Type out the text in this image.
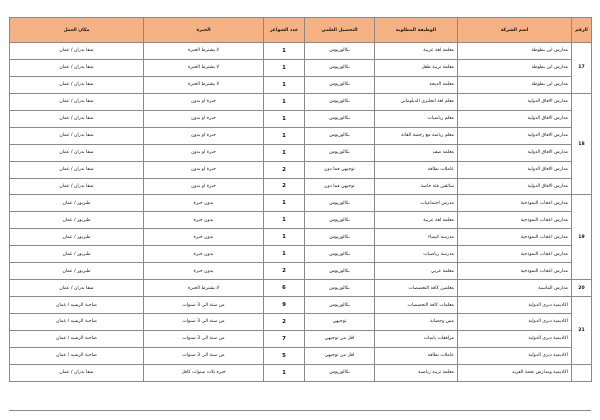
الرقم	اسم الشركة	الوظيفة المطلوبة	التحصيل العلمي	عدد الشواغر	الخبرة	مكان العمل
17	مدارس ابن بطوطة	معلمة لغة عربية	بكالوريوس	1	لا يشترط الخبرة	شفا بدران / عمان
	مدارس ابن بطوطة	معلمة تربية طفل	بكالوريوس	1	لا يشترط الخبرة	شفا بدران / عمان
	مدارس ابن بطوطة	معلمة الديجة	بكالوريوس	1	لا يشترط الخبرة	شفا بدران / عمان
18	مدارس الافاق الدولية	معلم لغة انجليزي الدبلوماتي	بكالوريوس	1	خبرة او بدون	شفا بدران / عمان
	مدارس الافاق الدولية	معلم رياضيات	بكالوريوس	1	خبرة او بدون	شفا بدران / عمان
	مدارس الافاق الدولية	معلم رياضة مع رخصة القانة	بكالوريوس	1	خبرة او بدون	شفا بدران / عمان
	مدارس الافاق الدولية	معلمة صف	بكالوريوس	1	خبرة او بدون	شفا بدران / عمان
	مدارس الافاق الدولية	عاملات نظافة	توجيهي فما دون	2	خبرة او بدون	شفا بدران / عمان
	مدارس الافاق الدولية	سائقين فئة خاصة	توجيهي فما دون	2	خبرة او بدون	شفا بدران / عمان
19	مدارس اعجاب النموذجية	مدرس اجتماعيات	بكالوريوس	1	بدون خبرة	طبربور / عمان
	مدارس اعجاب النموذجية	معلمة لغة عربية	بكالوريوس	1	بدون خبرة	طبربور / عمان
	مدارس اعجاب النموذجية	مدرسة كيمياء	بكالوريوس	1	بدون خبرة	طبربور / عمان
	مدارس اعجاب النموذجية	مدرسة رياضيات	بكالوريوس	1	بدون خبرة	طبربور / عمان
	مدارس اعجاب النموذجية	معلمة عربي	بكالوريوس	2	بدون خبرة	طبربور / عمان
20	مدارس الماسية	معلمين كافة التخصصات	بكالوريوس	6	لا يشترط الخبرة	شفا بدران / عمان
21	اكاديمية دبري الدولية	معلمات كافة التخصصات	بكالوريوس	9	من سنة الى 3 سنوات	ضاحية الرشيد / عمان
	اكاديمية دبري الدولية	مس وحضانة	توجيهي	2	من سنة الى 3 سنوات	ضاحية الرشيد / عمان
	اكاديمية دبري الدولية	مرافقات باصات	اقل من توجيهي	7	من سنة الى 3 سنوات	ضاحية الرشيد / عمان
	اكاديمية دبري الدولية	عاملات نظافة	اقل من توجيهي	5	من سنة الى 3 سنوات	ضاحية الرشيد / عمان
	اكاديمية ومدارس نجمة الفريد	معلمة تربية رياضية	بكالوريوس	1	خبرة ثلاث سنوات كاقل	شفا بدران / عمان
